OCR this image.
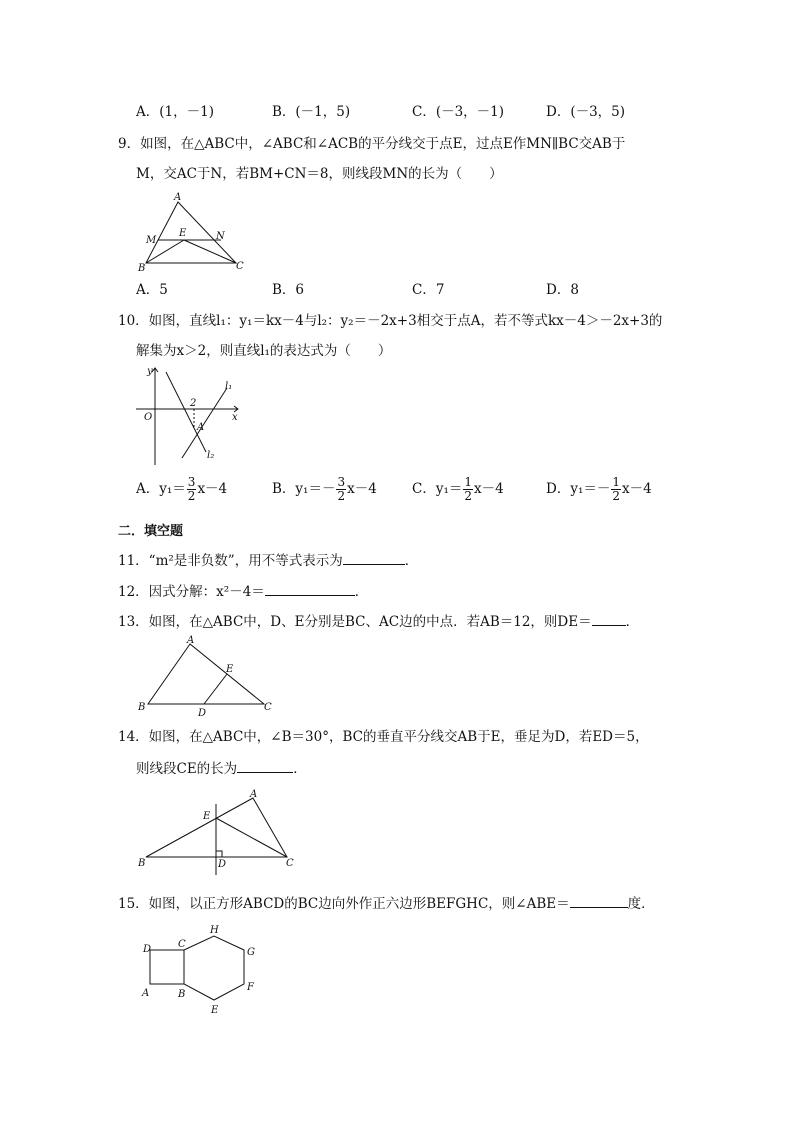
A．(1，－1)	B．(－1，5)	C．(－3，－1)	D．(－3，5)
9．如图，在△ABC中，∠ABC和∠ACB的平分线交于点E，过点E作MN∥BC交AB于
M，交AC于N，若BM+CN＝8，则线段MN的长为（　　）
A
M
E	N
B	C
A．5	B．6	C．7	D．8
10．如图，直线l₁：y₁＝kx－4与l₂：y₂＝－2x+3相交于点A，若不等式kx－4＞－2x+3的
解集为x＞2，则直线l₁的表达式为（　　）
y
x
O
2
A
l₁
l₂
A．$y_1= \frac{3}{2} x-4$	B．$y_1=- \frac{3}{2} x-4$	C．$y_1= \frac{1}{2} x-4$	D．$y_1=- \frac{1}{2} x-4$
二．填空题
11．“m²是非负数”，用不等式表示为	．
12．因式分解：x²－4＝	．
13．如图，在△ABC中，D、E分别是BC、AC边的中点．若AB＝12，则DE＝	．
A
B	C
D
E
14．如图，在△ABC中，∠B＝30°，BC的垂直平分线交AB于E，垂足为D，若ED＝5，
则线段CE的长为	．
A
B	C
D
E
15．如图，以正方形ABCD的BC边向外作正六边形BEFGHC，则∠ABE＝	度．
D	C
A	B
H
G
F
E
